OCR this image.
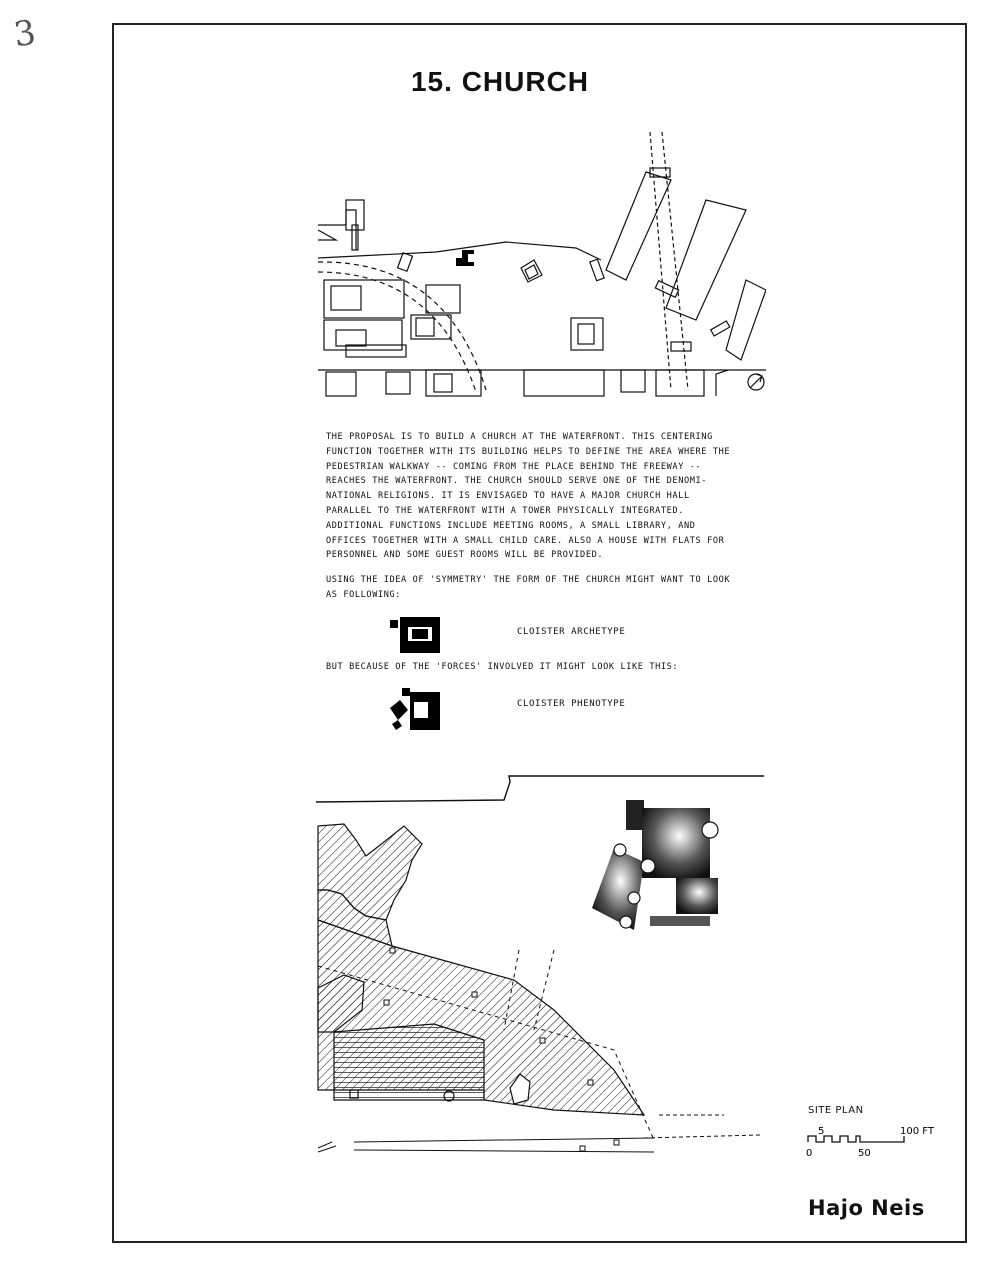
3
15. CHURCH
THE PROPOSAL IS TO BUILD A CHURCH AT THE WATERFRONT. THIS CENTERING FUNCTION TOGETHER WITH ITS BUILDING HELPS TO DEFINE THE AREA WHERE THE PEDESTRIAN WALKWAY -- COMING FROM THE PLACE BEHIND THE FREEWAY -- REACHES THE WATERFRONT. THE CHURCH SHOULD SERVE ONE OF THE DENOMI- NATIONAL RELIGIONS. IT IS ENVISAGED TO HAVE A MAJOR CHURCH HALL PARALLEL TO THE WATERFRONT WITH A TOWER PHYSICALLY INTEGRATED. ADDITIONAL FUNCTIONS INCLUDE MEETING ROOMS, A SMALL LIBRARY, AND OFFICES TOGETHER WITH A SMALL CHILD CARE. ALSO A HOUSE WITH FLATS FOR PERSONNEL AND SOME GUEST ROOMS WILL BE PROVIDED.
USING THE IDEA OF 'SYMMETRY' THE FORM OF THE CHURCH MIGHT WANT TO LOOK AS FOLLOWING:
CLOISTER ARCHETYPE
BUT BECAUSE OF THE 'FORCES' INVOLVED IT MIGHT LOOK LIKE THIS:
CLOISTER PHENOTYPE
SITE PLAN
5	100 FT
0	50
Hajo Neis
